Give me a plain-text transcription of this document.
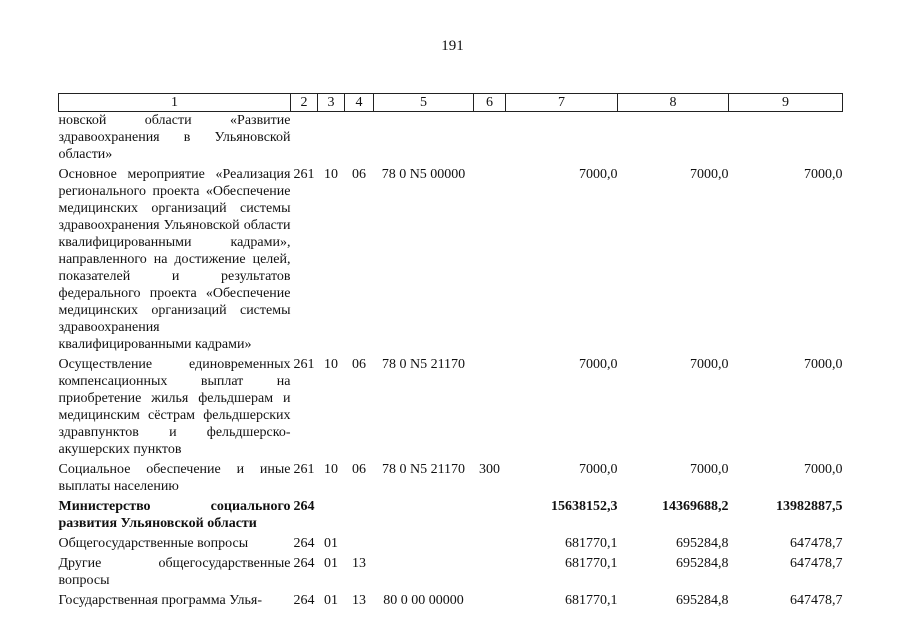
191
1	2	3	4	5	6	7	8	9
новской области «Развитие здравоохранения в Ульяновской области»								
Основное мероприятие «Реализация регионального проекта «Обеспечение медицинских организаций системы здравоохранения Ульяновской области квалифицированными кадрами», направленного на достижение целей, показателей и результатов федерального проекта «Обеспечение медицинских организаций системы здравоохранения квалифицированными кадрами»	261	10	06	78 0 N5 00000		7000,0	7000,0	7000,0
Осуществление единовременных компенсационных выплат на приобретение жилья фельдшерам и медицинским сёстрам фельдшерских здравпунктов и фельдшерско-акушерских пунктов	261	10	06	78 0 N5 21170		7000,0	7000,0	7000,0
Социальное обеспечение и иные выплаты населению	261	10	06	78 0 N5 21170	300	7000,0	7000,0	7000,0
Министерство социального развития Ульяновской области	264					15638152,3	14369688,2	13982887,5
Общегосударственные вопросы	264	01				681770,1	695284,8	647478,7
Другие общегосударственные вопросы	264	01	13			681770,1	695284,8	647478,7
Государственная программа Улья-	264	01	13	80 0 00 00000		681770,1	695284,8	647478,7
